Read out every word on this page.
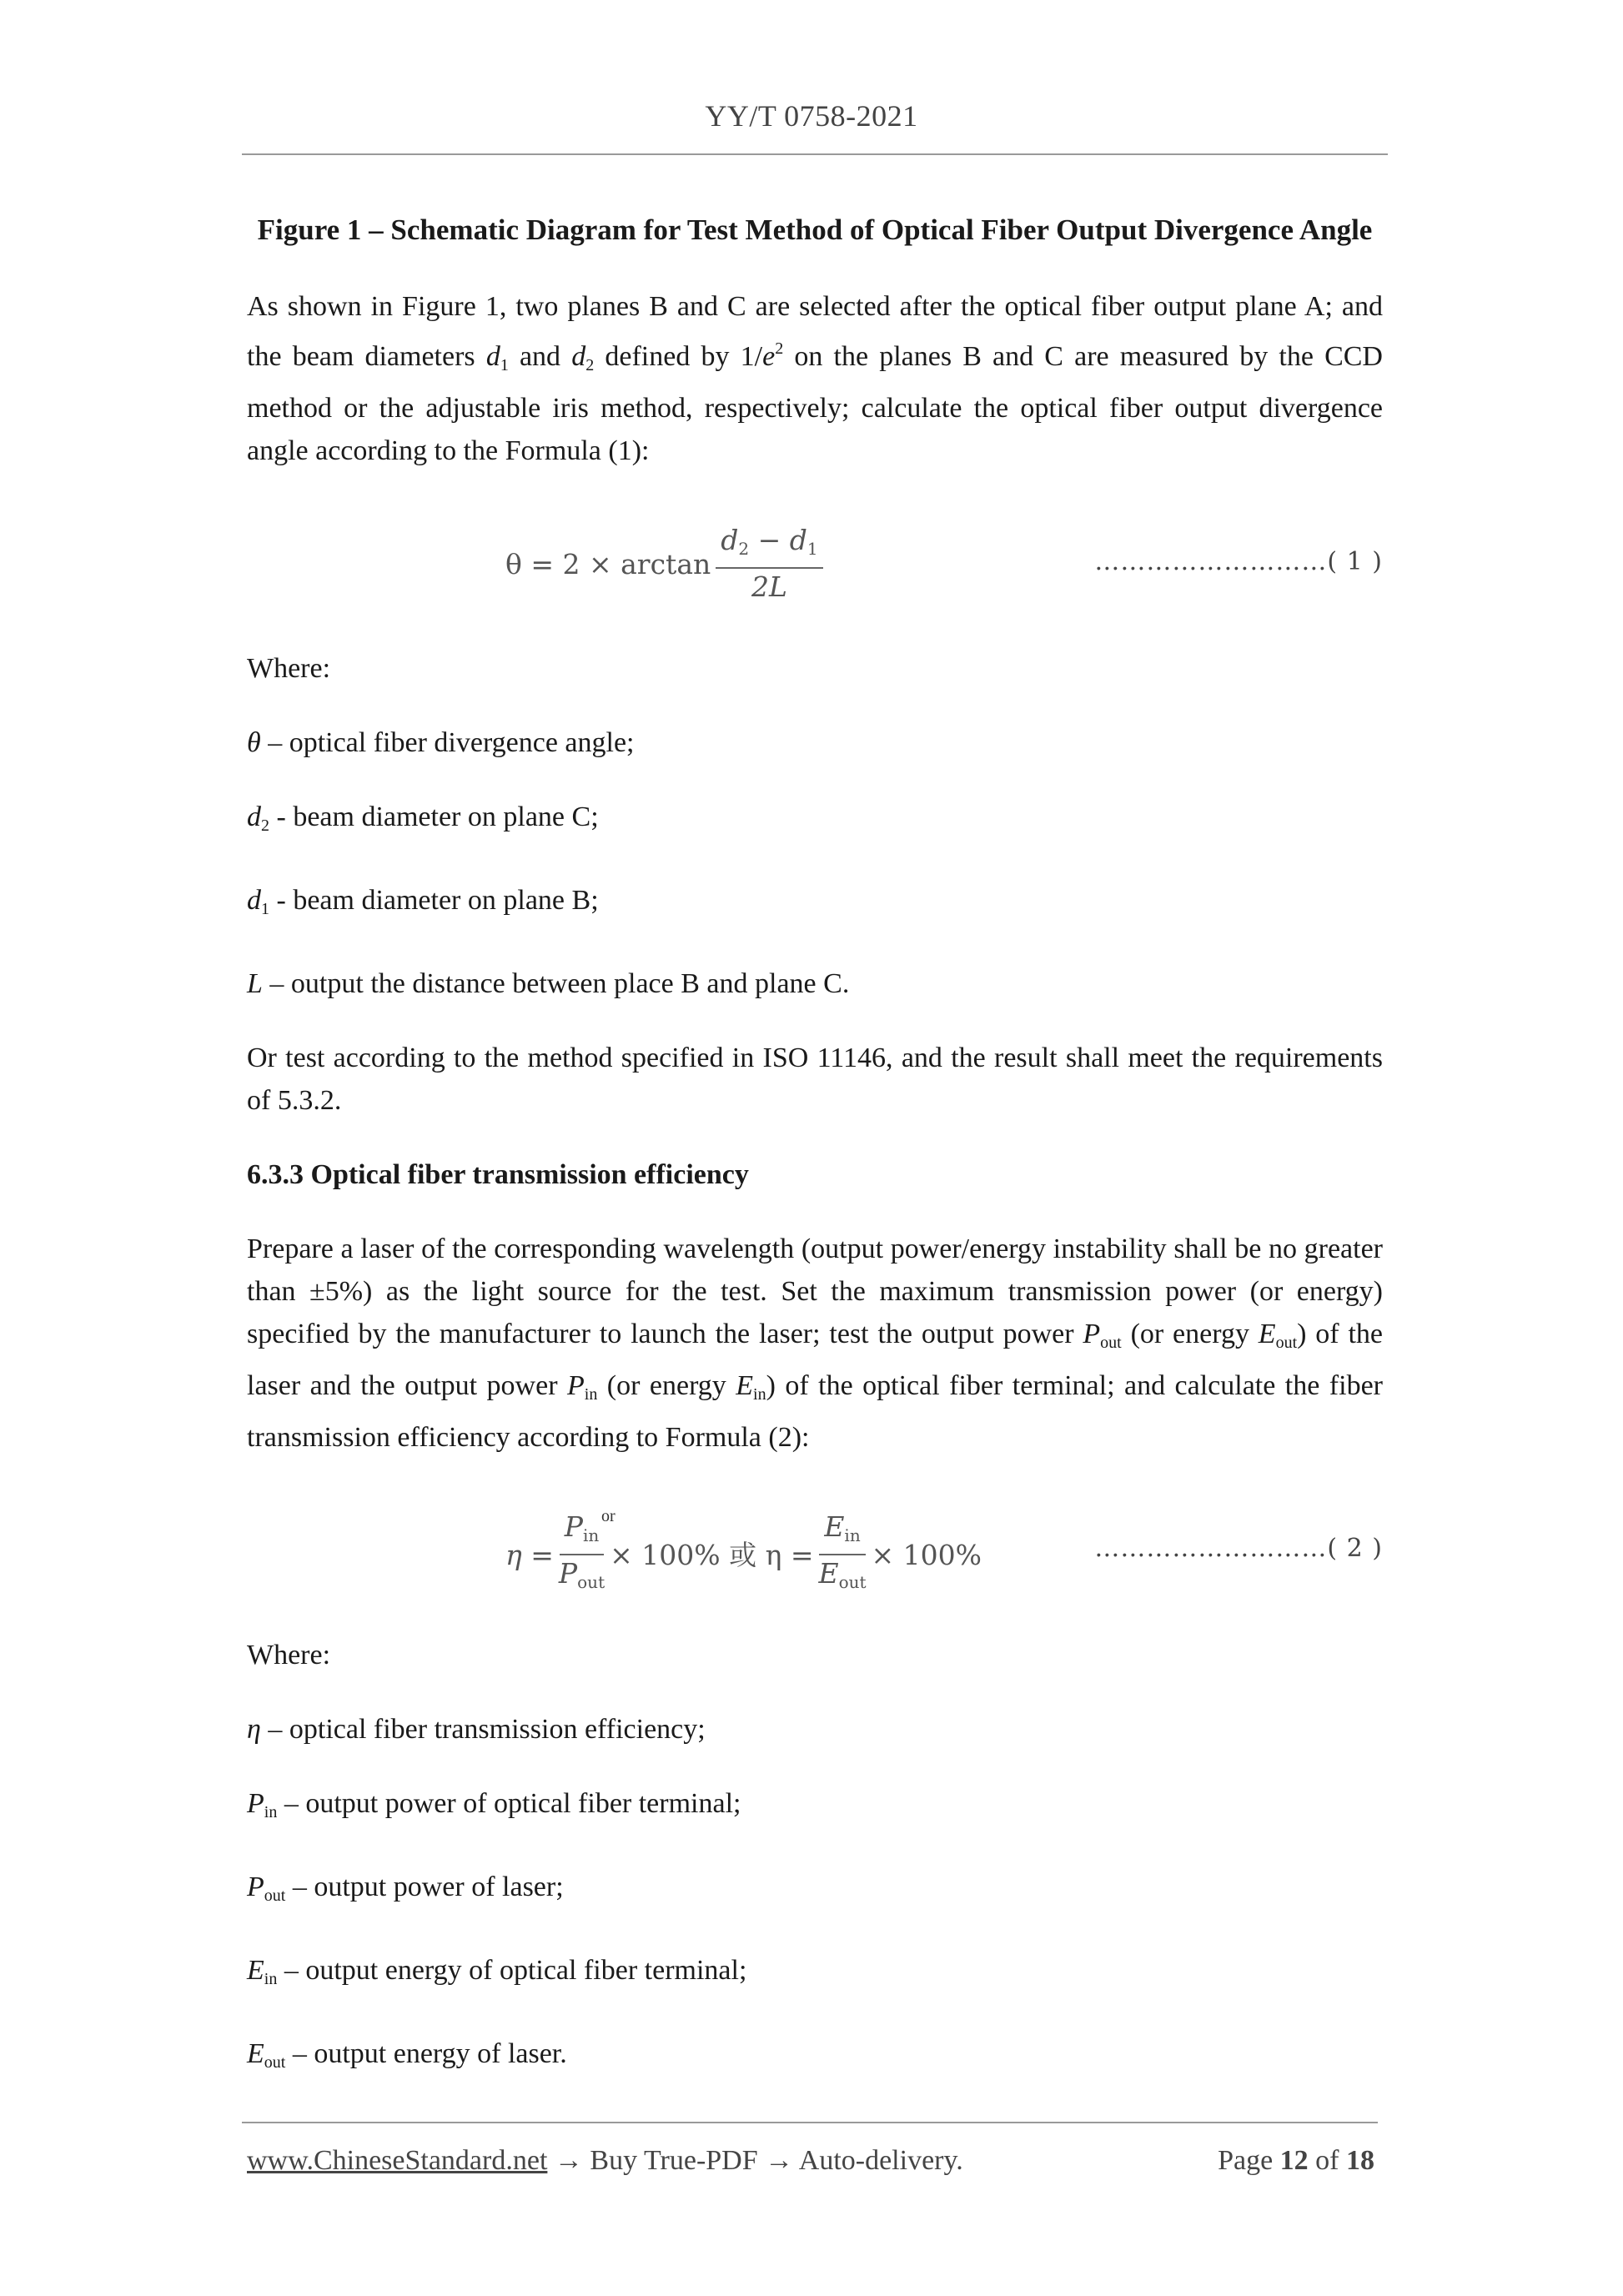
YY/T 0758-2021

Figure 1 – Schematic Diagram for Test Method of Optical Fiber Output Divergence Angle

As shown in Figure 1, two planes B and C are selected after the optical fiber output plane A; and the beam diameters $d_1$ and $d_2$ defined by $1/e^2$ on the planes B and C are measured by the CCD method or the adjustable iris method, respectively; calculate the optical fiber output divergence angle according to the Formula (1):

$\theta = 2 \times \arctan \frac{d_2 - d_1}{2L}$	………………………( 1 )

Where:

θ – optical fiber divergence angle;

$d_2$ - beam diameter on plane C;

$d_1$ - beam diameter on plane B;

L – output the distance between place B and plane C.

Or test according to the method specified in ISO 11146, and the result shall meet the requirements of 5.3.2.

6.3.3 Optical fiber transmission efficiency

Prepare a laser of the corresponding wavelength (output power/energy instability shall be no greater than ±5%) as the light source for the test. Set the maximum transmission power (or energy) specified by the manufacturer to launch the laser; test the output power $P_{out}$ (or energy $E_{out}$) of the laser and the output power $P_{in}$ (or energy $E_{in}$) of the optical fiber terminal; and calculate the fiber transmission efficiency according to Formula (2):

or
$\eta = \frac{P_{in}}{P_{out}} \times 100\%$ 或 $\eta = \frac{E_{in}}{E_{out}} \times 100\%$	………………………( 2 )

Where:

η – optical fiber transmission efficiency;

$P_{in}$ – output power of optical fiber terminal;

$P_{out}$ – output power of laser;

$E_{in}$ – output energy of optical fiber terminal;

$E_{out}$ – output energy of laser.

www.ChineseStandard.net → Buy True-PDF → Auto-delivery.	Page 12 of 18
